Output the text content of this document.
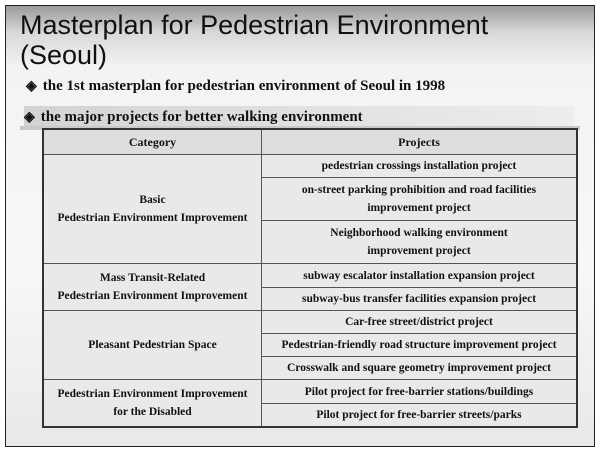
Masterplan for Pedestrian Environment
(Seoul)
◈ the 1st masterplan for pedestrian environment of Seoul in 1998
◈ the major projects for better walking environment
Category	Projects
Basic
Pedestrian Environment Improvement	pedestrian crossings installation project
	on-street parking prohibition and road facilities
improvement project
	Neighborhood walking environment
improvement project
Mass Transit-Related
Pedestrian Environment Improvement	subway escalator installation expansion project
	subway-bus transfer facilities expansion project
Pleasant Pedestrian Space	Car-free street/district project
	Pedestrian-friendly road structure improvement project
	Crosswalk and square geometry improvement project
Pedestrian Environment Improvement
for the Disabled	Pilot project for free-barrier stations/buildings
	Pilot project for free-barrier streets/parks
